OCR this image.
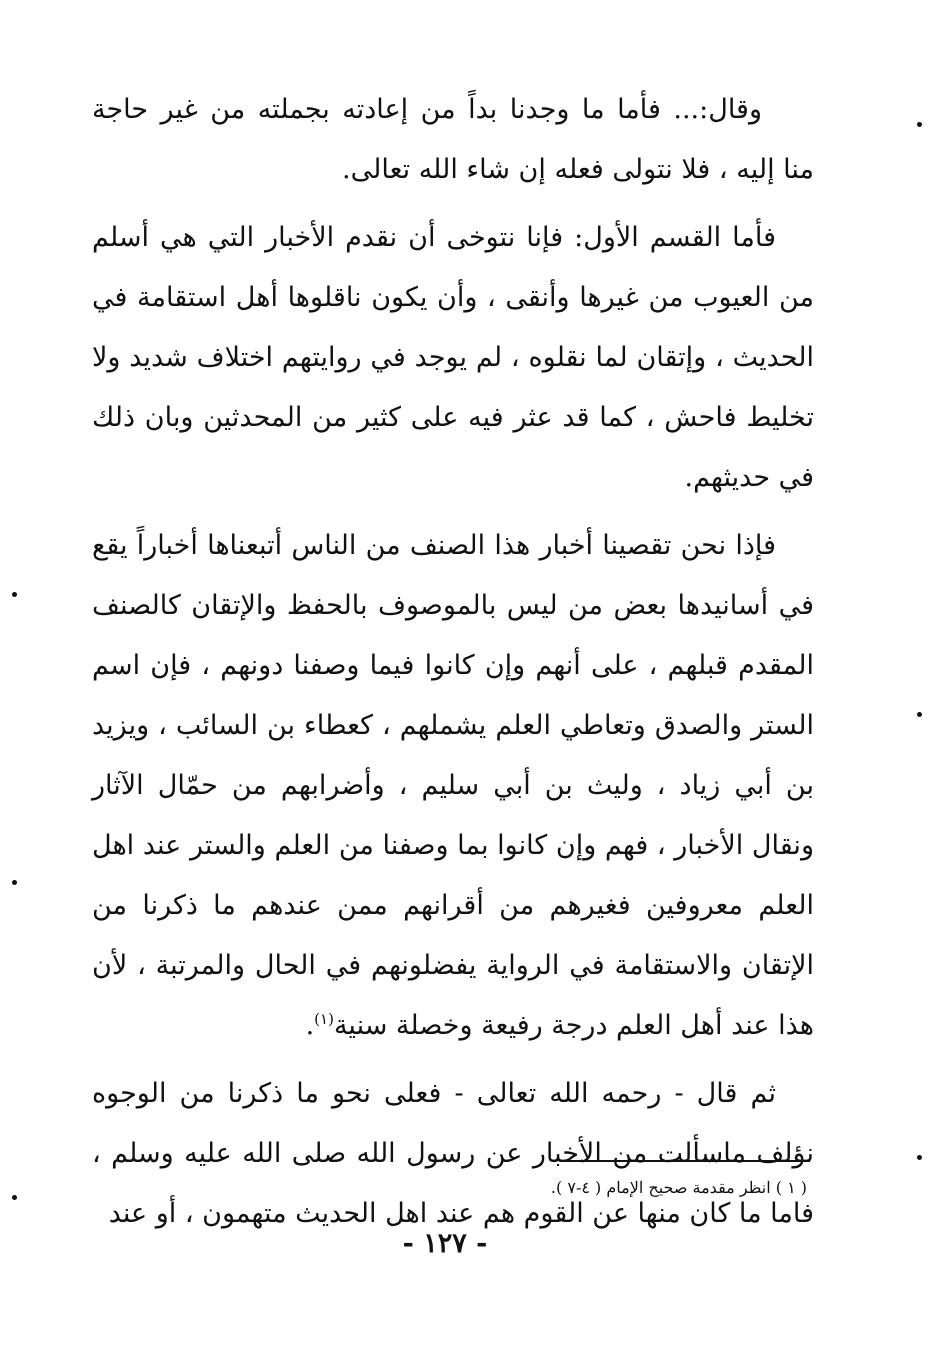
وقال:... فأما ما وجدنا بداً من إعادته بجملته من غير حاجة منا إليه ، فلا نتولى فعله إن شاء الله تعالى.

فأما القسم الأول: فإنا نتوخى أن نقدم الأخبار التي هي أسلم من العيوب من غيرها وأنقى ، وأن يكون ناقلوها أهل استقامة في الحديث ، وإتقان لما نقلوه ، لم يوجد في روايتهم اختلاف شديد ولا تخليط فاحش ، كما قد عثر فيه على كثير من المحدثين وبان ذلك في حديثهم.

فإذا نحن تقصينا أخبار هذا الصنف من الناس أتبعناها أخباراً يقع في أسانيدها بعض من ليس بالموصوف بالحفظ والإتقان كالصنف المقدم قبلهم ، على أنهم وإن كانوا فيما وصفنا دونهم ، فإن اسم الستر والصدق وتعاطي العلم يشملهم ، كعطاء بن السائب ، ويزيد بن أبي زياد ، وليث بن أبي سليم ، وأضرابهم من حمّال الآثار ونقال الأخبار ، فهم وإن كانوا بما وصفنا من العلم والستر عند اهل العلم معروفين فغيرهم من أقرانهم ممن عندهم ما ذكرنا من الإتقان والاستقامة في الرواية يفضلونهم في الحال والمرتبة ، لأن هذا عند أهل العلم درجة رفيعة وخصلة سنية$^{(١)}$.

ثم قال - رحمه الله تعالى - فعلى نحو ما ذكرنا من الوجوه نؤلف ماسألت من الأخبار عن رسول الله صلى الله عليه وسلم ، فاما ما كان منها عن القوم هم عند اهل الحديث متهمون ، أو عند

( ١ ) انظر مقدمة صحيح الإمام ( ٤-٧ ).
- ١٢٧ -
